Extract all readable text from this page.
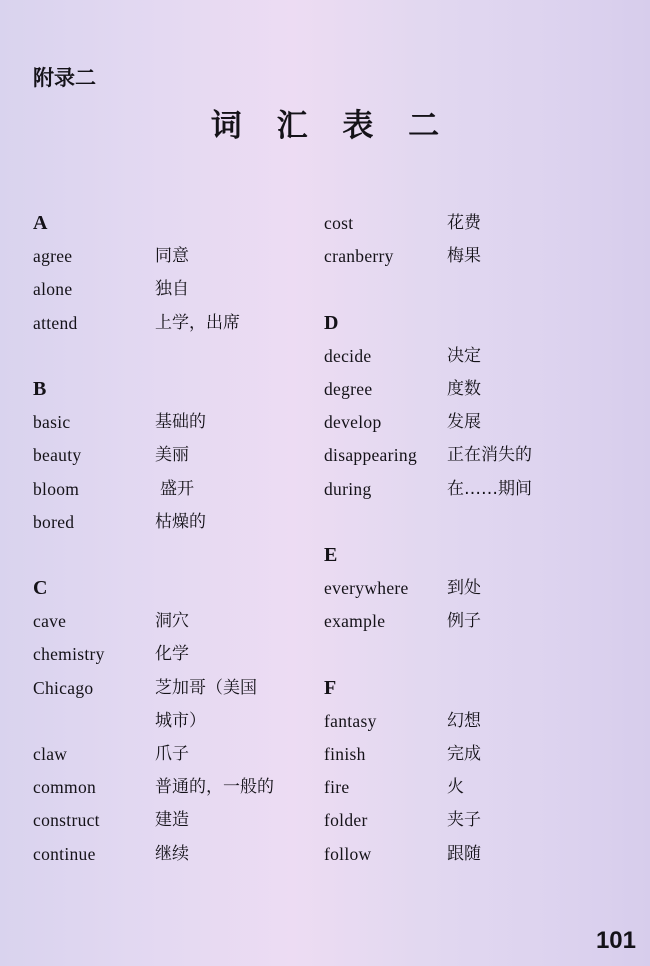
附录二
词 汇 表 二
A
agree	同意
alone	独自
attend	上学，出席
B
basic	基础的
beauty	美丽
bloom	盛开
bored	枯燥的
C
cave	洞穴
chemistry	化学
Chicago	芝加哥（美国
城市）
claw	爪子
common	普通的，一般的
construct	建造
continue	继续
cost	花费
cranberry	梅果
D
decide	决定
degree	度数
develop	发展
disappearing 正在消失的
during	在……期间
E
everywhere 到处
example	例子
F
fantasy	幻想
finish	完成
fire	火
folder	夹子
follow	跟随
101
